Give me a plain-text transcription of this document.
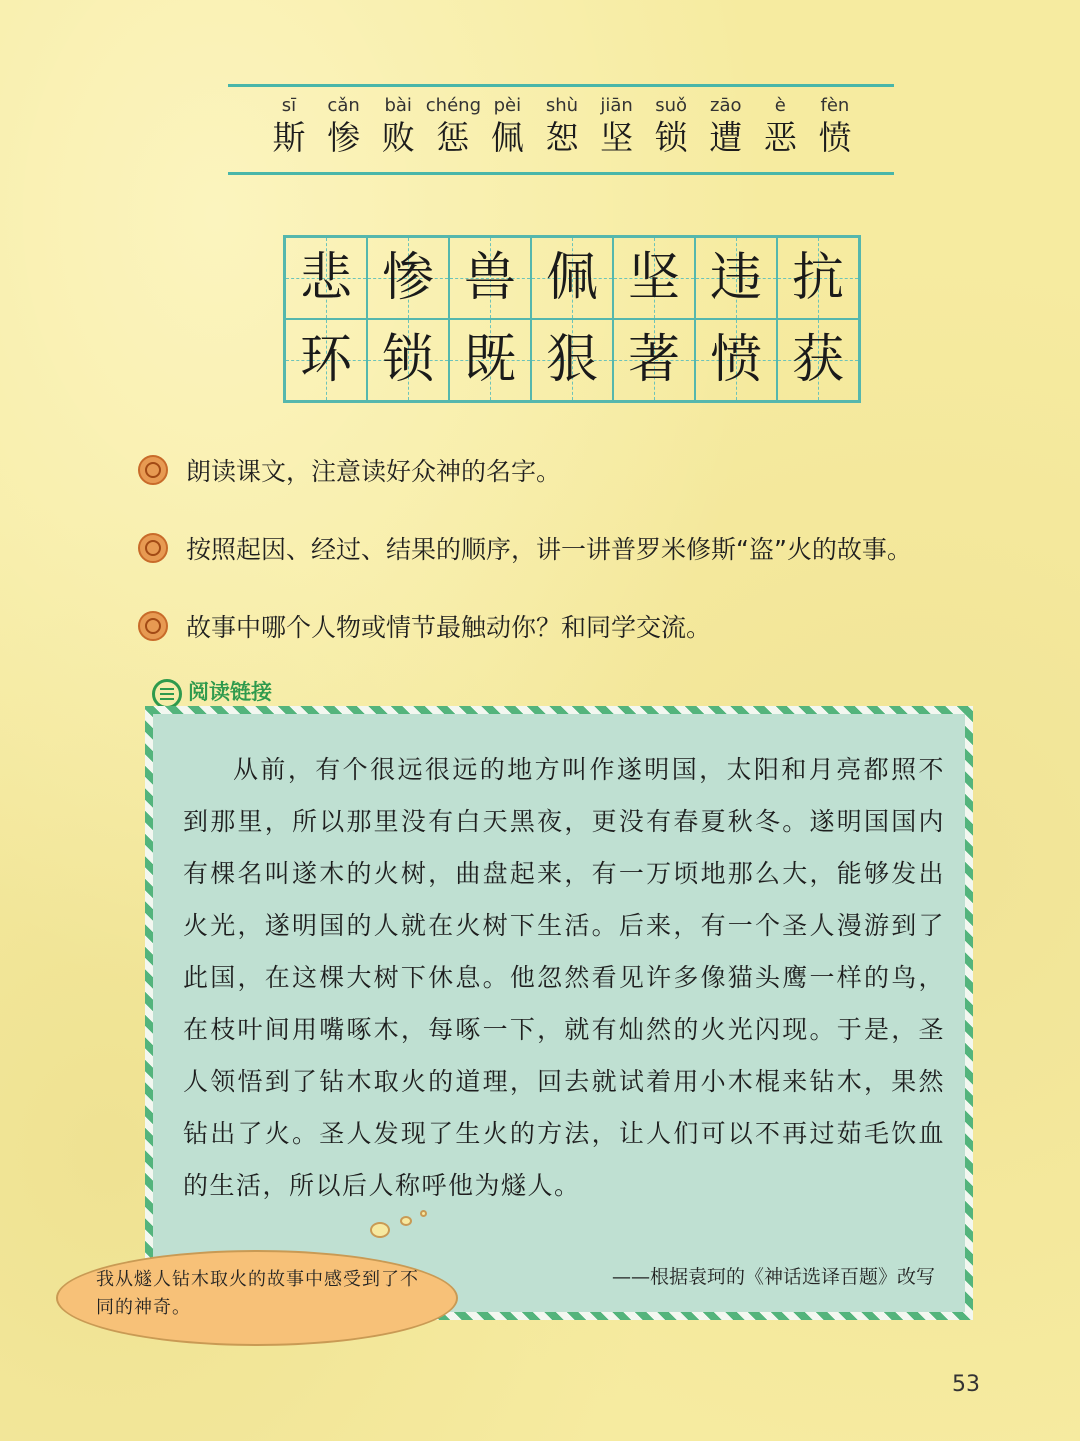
sī
斯
cǎn
惨
bài
败
chéng
惩
pèi
佩
shù
恕
jiān
坚
suǒ
锁
zāo
遭
è
恶
fèn
愤
悲 惨 兽 佩 坚 违 抗
环 锁 既 狠 著 愤 获
朗读课文，注意读好众神的名字。
按照起因、经过、结果的顺序，讲一讲普罗米修斯“盗”火的故事。
故事中哪个人物或情节最触动你？和同学交流。
阅读链接

从前，有个很远很远的地方叫作遂明国，太阳和月亮都照不到那里，所以那里没有白天黑夜，更没有春夏秋冬。遂明国国内有棵名叫遂木的火树，曲盘起来，有一万顷地那么大，能够发出火光，遂明国的人就在火树下生活。后来，有一个圣人漫游到了此国，在这棵大树下休息。他忽然看见许多像猫头鹰一样的鸟，在枝叶间用嘴啄木，每啄一下，就有灿然的火光闪现。于是，圣人领悟到了钻木取火的道理，回去就试着用小木棍来钻木，果然钻出了火。圣人发现了生火的方法，让人们可以不再过茹毛饮血的生活，所以后人称呼他为燧人。

——根据袁珂的《神话选译百题》改写
我从燧人钻木取火的故事中感受到了不同的神奇。
53
